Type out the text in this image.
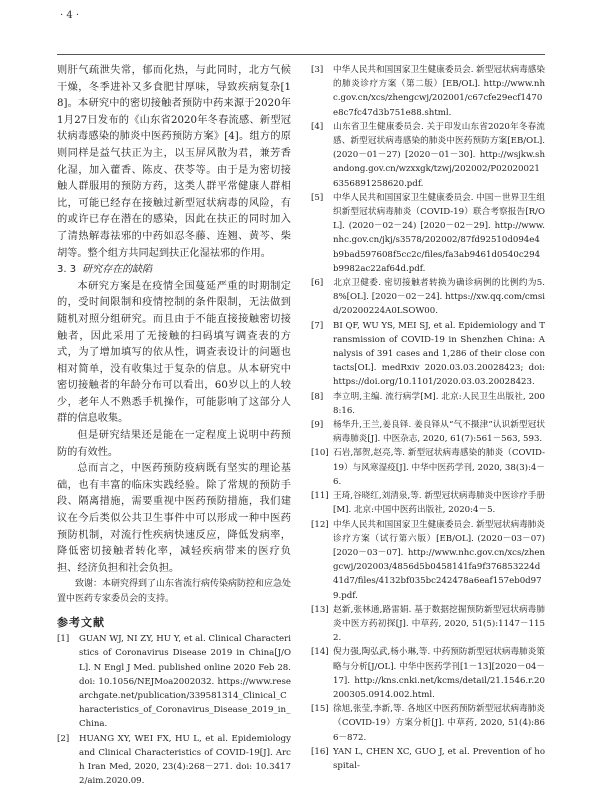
· 4 ·

则肝气疏泄失常，郁而化热，与此同时，北方气候干燥，冬季进补又多食肥甘厚味，导致疾病复杂[18]。本研究中的密切接触者预防中药来源于2020年1月27日发布的《山东省2020年冬春流感、新型冠状病毒感染的肺炎中医药预防方案》[4]。组方的原则同样是益气扶正为主，以玉屏风散为君，兼芳香化湿，加入藿香、陈皮、茯苓等。由于是为密切接触人群服用的预防方药，这类人群平常健康人群相比，可能已经存在接触过新型冠状病毒的风险，有的或许已存在潜在的感染，因此在扶正的同时加入了清热解毒祛邪的中药如忍冬藤、连翘、黄芩、柴胡等。整个组方共同起到扶正化湿祛邪的作用。

3. 3 研究存在的缺陷

本研究方案是在疫情全国蔓延严重的时期制定的，受时间限制和疫情控制的条件限制，无法做到随机对照分组研究。而且由于不能直接接触密切接触者，因此采用了无接触的扫码填写调查表的方式，为了增加填写的依从性，调查表设计的问题也相对简单，没有收集过于复杂的信息。从本研究中密切接触者的年龄分布可以看出，60岁以上的人较少，老年人不熟悉手机操作，可能影响了这部分人群的信息收集。

但是研究结果还是能在一定程度上说明中药预防的有效性。

总而言之，中医药预防疫病既有坚实的理论基础，也有丰富的临床实践经验。除了常规的预防手段、隔离措施，需要重视中医药预防措施，我们建议在今后类似公共卫生事件中可以形成一种中医药预防机制，对流行性疾病快速反应，降低发病率，降低密切接触者转化率，减轻疾病带来的医疗负担、经济负担和社会负担。

致谢：本研究得到了山东省流行病传染病防控和应急处置中医药专家委员会的支持。

参考文献

[1] GUAN WJ, NI ZY, HU Y, et al. Clinical Characteristics of Coronavirus Disease 2019 in China[J/OL]. N Engl J Med. published online 2020 Feb 28. doi: 10.1056/NEJMoa2002032. https://www.researchgate.net/publication/339581314_Clinical_Characteristics_of_Coronavirus_Disease_2019_in_China.

[2] HUANG XY, WEI FX, HU L, et al. Epidemiology and Clinical Characteristics of COVID-19[J]. Arch Iran Med, 2020, 23(4):268－271. doi: 10.34172/aim.2020.09.

[3] 中华人民共和国国家卫生健康委员会. 新型冠状病毒感染的肺炎诊疗方案（第二版）[EB/OL]. http://www.nhc.gov.cn/xcs/zhengcwj/202001/c67cfe29ecf1470e8c7fc47d3b751e88.shtml.

[4] 山东省卫生健康委员会. 关于印发山东省2020年冬春流感、新型冠状病毒感染的肺炎中医药预防方案[EB/OL]. (2020－01－27) [2020－01－30]. http://wsjkw.shandong.gov.cn/wzxxgk/tzwj/202002/P020200216356891258620.pdf.

[5] 中华人民共和国国家卫生健康委员会. 中国－世界卫生组织新型冠状病毒肺炎（COVID-19）联合考察报告[R/OL]. (2020－02－24) [2020－02－29]. http://www.nhc.gov.cn/jkj/s3578/202002/87fd92510d094e4b9bad597608f5cc2c/files/fa3ab9461d0540c294b9982ac22af64d.pdf.

[6] 北京卫健委. 密切接触者转换为确诊病例的比例约为5.8%[OL]. [2020－02－24]. https://xw.qq.com/cmsid/20200224A0LSOW00.

[7] BI QF, WU YS, MEI SJ, et al. Epidemiology and Transmission of COVID-19 in Shenzhen China: Analysis of 391 cases and 1,286 of their close contacts[OL]. medRxiv 2020.03.03.20028423; doi: https://doi.org/10.1101/2020.03.03.20028423.

[8] 李立明,主编. 流行病学[M]. 北京:人民卫生出版社, 2008:16.

[9] 杨华升,王兰,姜良铎. 姜良铎从“气不摄津”认识新型冠状病毒肺炎[J]. 中医杂志, 2020, 61(7):561－563, 593.

[10] 石岩,郜贺,赵亮,等. 新型冠状病毒感染的肺炎（COVID-19）与风寒湿疫[J]. 中华中医药学刊, 2020, 38(3):4－6.

[11] 王琦,谷晓红,刘清泉,等. 新型冠状病毒肺炎中医诊疗手册[M]. 北京:中国中医药出版社, 2020:4－5.

[12] 中华人民共和国国家卫生健康委员会. 新型冠状病毒肺炎诊疗方案（试行第六版）[EB/OL]. (2020－03－07) [2020－03－07]. http://www.nhc.gov.cn/xcs/zhengcwj/202003/4856d5b0458141fa9f376853224d41d7/files/4132bf035bc242478a6eaf157eb0d979.pdf.

[13] 赵新,张林通,路雷娟. 基于数据挖掘预防新型冠状病毒肺炎中医方药初探[J]. 中草药, 2020, 51(5):1147－1152.

[14] 倪力强,陶弘武,杨小琳,等. 中药预防新型冠状病毒肺炎策略与分析[J/OL]. 中华中医药学刊[1－13][2020－04－17]. http://kns.cnki.net/kcms/detail/21.1546.r.20200305.0914.002.html.

[15] 徐旭,张莹,李新,等. 各地区中医药预防新型冠状病毒肺炎（COVID-19）方案分析[J]. 中草药, 2020, 51(4):866－872.

[16] YAN L, CHEN XC, GUO J, et al. Prevention of hospital-
